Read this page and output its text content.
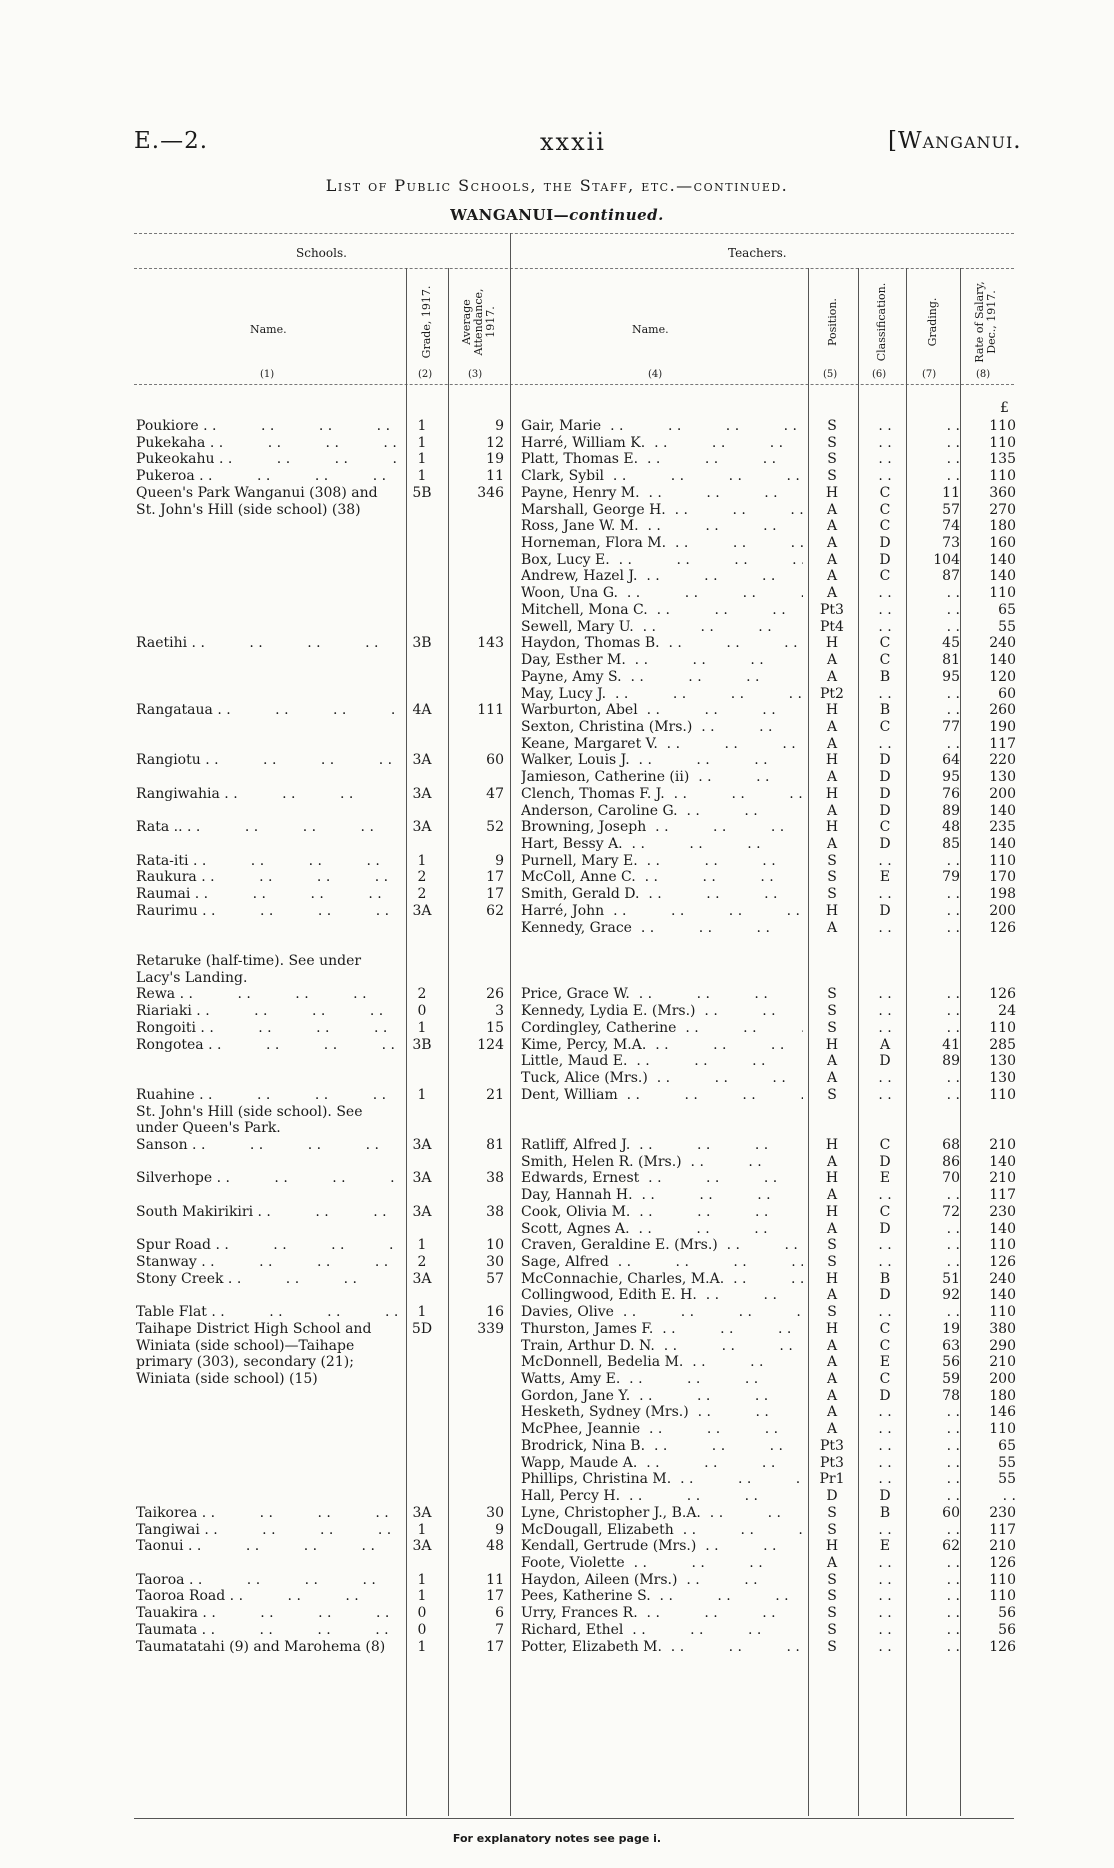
E.—2.	xxxii	[Wanganui.
List of Public Schools, the Staff, etc.—continued.
WANGANUI—continued.
Schools.	Teachers.
Name.	Grade, 1917. Average Attendance, 1917.	Name.	Position.	Classification.	Grading.	Rate of Salary, Dec., 1917.
(1)	(2)	(3)	(4)	(5)	(6)	(7)	(8)
£
Poukiore . .	1	9 Gair, Marie . .	S	. .	. .	110
Pukekaha . .	1	12 Harré, William K. . .	S	. .	. .	110
Pukeokahu . .	1	19 Platt, Thomas E. . .	S	. .	. .	135
Pukeroa . .	1	11 Clark, Sybil . .	S	. .	. .	110
Queen's Park Wanganui (308) and	5B	346 Payne, Henry M. . .	H	C	11	360
St. John's Hill (side school) (38)	Marshall, George H. . .	A	C	57	270
Ross, Jane W. M. . .	A	C	74	180
Horneman, Flora M. . .	A	D	73	160
Box, Lucy E. . .	A	D	104	140
Andrew, Hazel J. . .	A	C	87	140
Woon, Una G. . .	A	. .	. .	110
Mitchell, Mona C. . .	Pt3	. .	. .	65
Sewell, Mary U. . .	Pt4	. .	. .	55
Raetihi . .	3B	143 Haydon, Thomas B. . .	H	C	45	240
Day, Esther M. . .	A	C	81	140
Payne, Amy S. . .	A	B	95	120
May, Lucy J. . .	Pt2	. .	. .	60
Rangataua . .	4A	111 Warburton, Abel . .	H	B	. .	260
Sexton, Christina (Mrs.) . .	A	C	77	190
Keane, Margaret V. . .	A	. .	. .	117
Rangiotu . .	3A	60 Walker, Louis J. . .	H	D	64	220
Jamieson, Catherine (ii) . .	A	D	95	130
Rangiwahia . .	3A	47 Clench, Thomas F. J. . .	H	D	76	200
Anderson, Caroline G. . .	A	D	89	140
Rata .. . .	3A	52 Browning, Joseph . .	H	C	48	235
Hart, Bessy A. . .	A	D	85	140
Rata-iti . .	1	9 Purnell, Mary E. . .	S	. .	. .	110
Raukura . .	2	17 McColl, Anne C. . .	S	E	79	170
Raumai . .	2	17 Smith, Gerald D. . .	S	. .	. .	198
Raurimu . .	3A	62 Harré, John . .	H	D	. .	200
Kennedy, Grace . .	A	. .	. .	126
Retaruke (half-time). See under
Lacy's Landing.
Rewa . .	2	26 Price, Grace W. . .	S	. .	. .	126
Riariaki . .	0	3 Kennedy, Lydia E. (Mrs.) . .	S	. .	. .	24
Rongoiti . .	1	15 Cordingley, Catherine . .	S	. .	. .	110
Rongotea . .	3B	124 Kime, Percy, M.A. . .	H	A	41	285
Little, Maud E. . .	A	D	89	130
Tuck, Alice (Mrs.) . .	A	. .	. .	130
Ruahine . .	1	21 Dent, William . .	S	. .	. .	110
St. John's Hill (side school). See
under Queen's Park.
Sanson . .	3A	81 Ratliff, Alfred J. . .	H	C	68	210
Smith, Helen R. (Mrs.) . .	A	D	86	140
Silverhope . .	3A	38 Edwards, Ernest . .	H	E	70	210
Day, Hannah H. . .	A	. .	. .	117
South Makirikiri . .	3A	38 Cook, Olivia M. . .	H	C	72	230
Scott, Agnes A. . .	A	D	. .	140
Spur Road . .	1	10 Craven, Geraldine E. (Mrs.) . .	S	. .	. .	110
Stanway . .	2	30 Sage, Alfred . .	S	. .	. .	126
Stony Creek . .	3A	57 McConnachie, Charles, M.A. . .	H	B	51	240
Collingwood, Edith E. H. . .	A	D	92	140
Table Flat . .	1	16 Davies, Olive . .	S	. .	. .	110
Taihape District High School and	5D	339 Thurston, James F. . .	H	C	19	380
Winiata (side school)—Taihape	Train, Arthur D. N. . .	A	C	63	290
primary (303), secondary (21);	McDonnell, Bedelia M. . .	A	E	56	210
Winiata (side school) (15)	Watts, Amy E. . .	A	C	59	200
Gordon, Jane Y. . .	A	D	78	180
Hesketh, Sydney (Mrs.) . .	A	. .	. .	146
McPhee, Jeannie . .	A	. .	. .	110
Brodrick, Nina B. . .	Pt3	. .	. .	65
Wapp, Maude A. . .	Pt3	. .	. .	55
Phillips, Christina M. . .	Pr1	. .	. .	55
Hall, Percy H. . .	D	D	. .	. .
Taikorea . .	3A	30 Lyne, Christopher J., B.A. . .	S	B	60	230
Tangiwai . .	1	9 McDougall, Elizabeth . .	S	. .	. .	117
Taonui . .	3A	48 Kendall, Gertrude (Mrs.) . .	H	E	62	210
Foote, Violette . .	A	. .	. .	126
Taoroa . .	1	11 Haydon, Aileen (Mrs.) . .	S	. .	. .	110
Taoroa Road . .	1	17 Pees, Katherine S. . .	S	. .	. .	110
Tauakira . .	0	6 Urry, Frances R. . .	S	. .	. .	56
Taumata . .	0	7 Richard, Ethel . .	S	. .	. .	56
Taumatatahi (9) and Marohema (8)	1	17 Potter, Elizabeth M. . .	S	. .	. .	126
For explanatory notes see page i.
